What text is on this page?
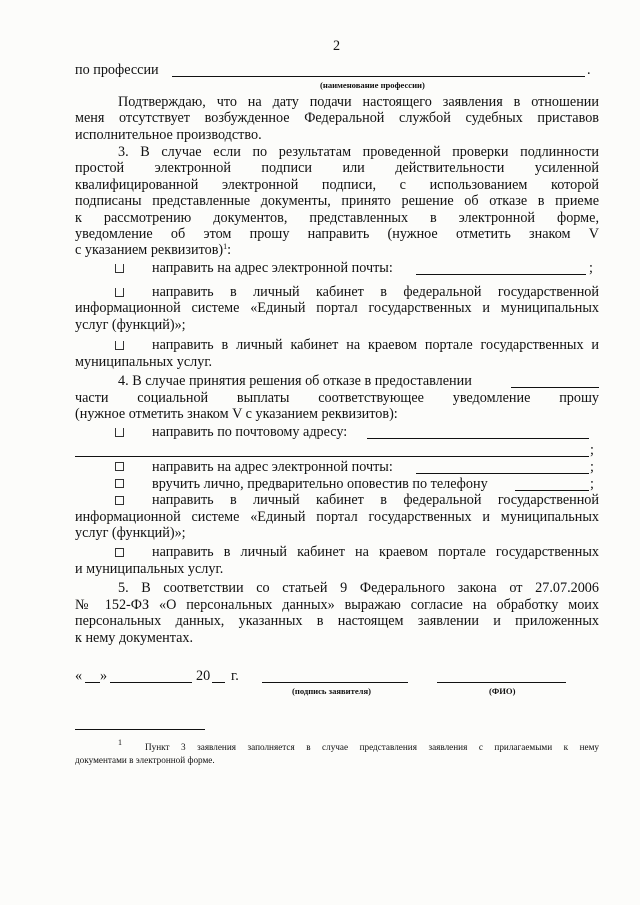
2
по профессии	.
(наименование профессии)
Подтверждаю, что на дату подачи настоящего заявления в отношении
меня отсутствует возбужденное Федеральной службой судебных приставов
исполнительное производство.
3. В случае если по результатам проведенной проверки подлинности
простой электронной подписи или действительности усиленной
квалифицированной электронной подписи, с использованием которой
подписаны представленные документы, принято решение об отказе в приеме
к рассмотрению документов, представленных в электронной форме,
уведомление об этом прошу направить (нужное отметить знаком V
с указанием реквизитов)$^1$:
направить на адрес электронной почты:	;
направить в личный кабинет в федеральной государственной
информационной системе «Единый портал государственных и муниципальных
услуг (функций)»;
направить в личный кабинет на краевом портале государственных и
муниципальных услуг.
4. В случае принятия решения об отказе в предоставлении
части социальной выплаты соответствующее уведомление прошу
(нужное отметить знаком V с указанием реквизитов):
направить по почтовому адресу:
;
направить на адрес электронной почты:	;
вручить лично, предварительно оповестив по телефону	;
направить в личный кабинет в федеральной государственной
информационной системе «Единый портал государственных и муниципальных
услуг (функций)»;
направить в личный кабинет на краевом портале государственных
и муниципальных услуг.
5. В соответствии со статьей 9 Федерального закона от 27.07.2006
№ 152-ФЗ «О персональных данных» выражаю согласие на обработку моих
персональных данных, указанных в настоящем заявлении и приложенных
к нему документах.
« »	20 г.
(подпись заявителя)	(ФИО)
$^1$	Пункт 3 заявления заполняется в случае представления заявления с прилагаемыми к нему
документами в электронной форме.
